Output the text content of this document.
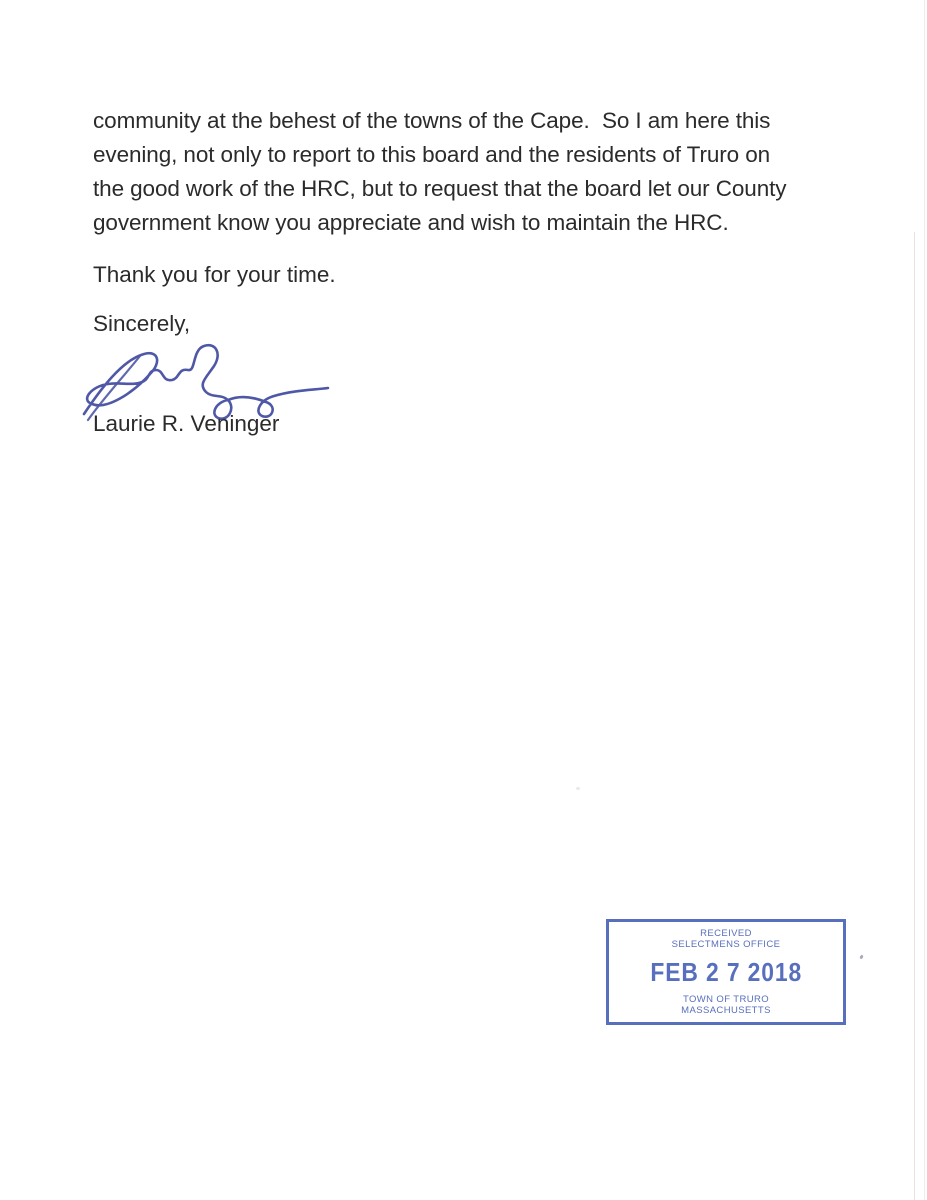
community at the behest of the towns of the Cape.  So I am here this
evening, not only to report to this board and the residents of Truro on
the good work of the HRC, but to request that the board let our County
government know you appreciate and wish to maintain the HRC.
Thank you for your time.
Sincerely,
Laurie R. Veninger
RECEIVED
SELECTMENS OFFICE
FEB 2 7 2018
TOWN OF TRURO
MASSACHUSETTS
